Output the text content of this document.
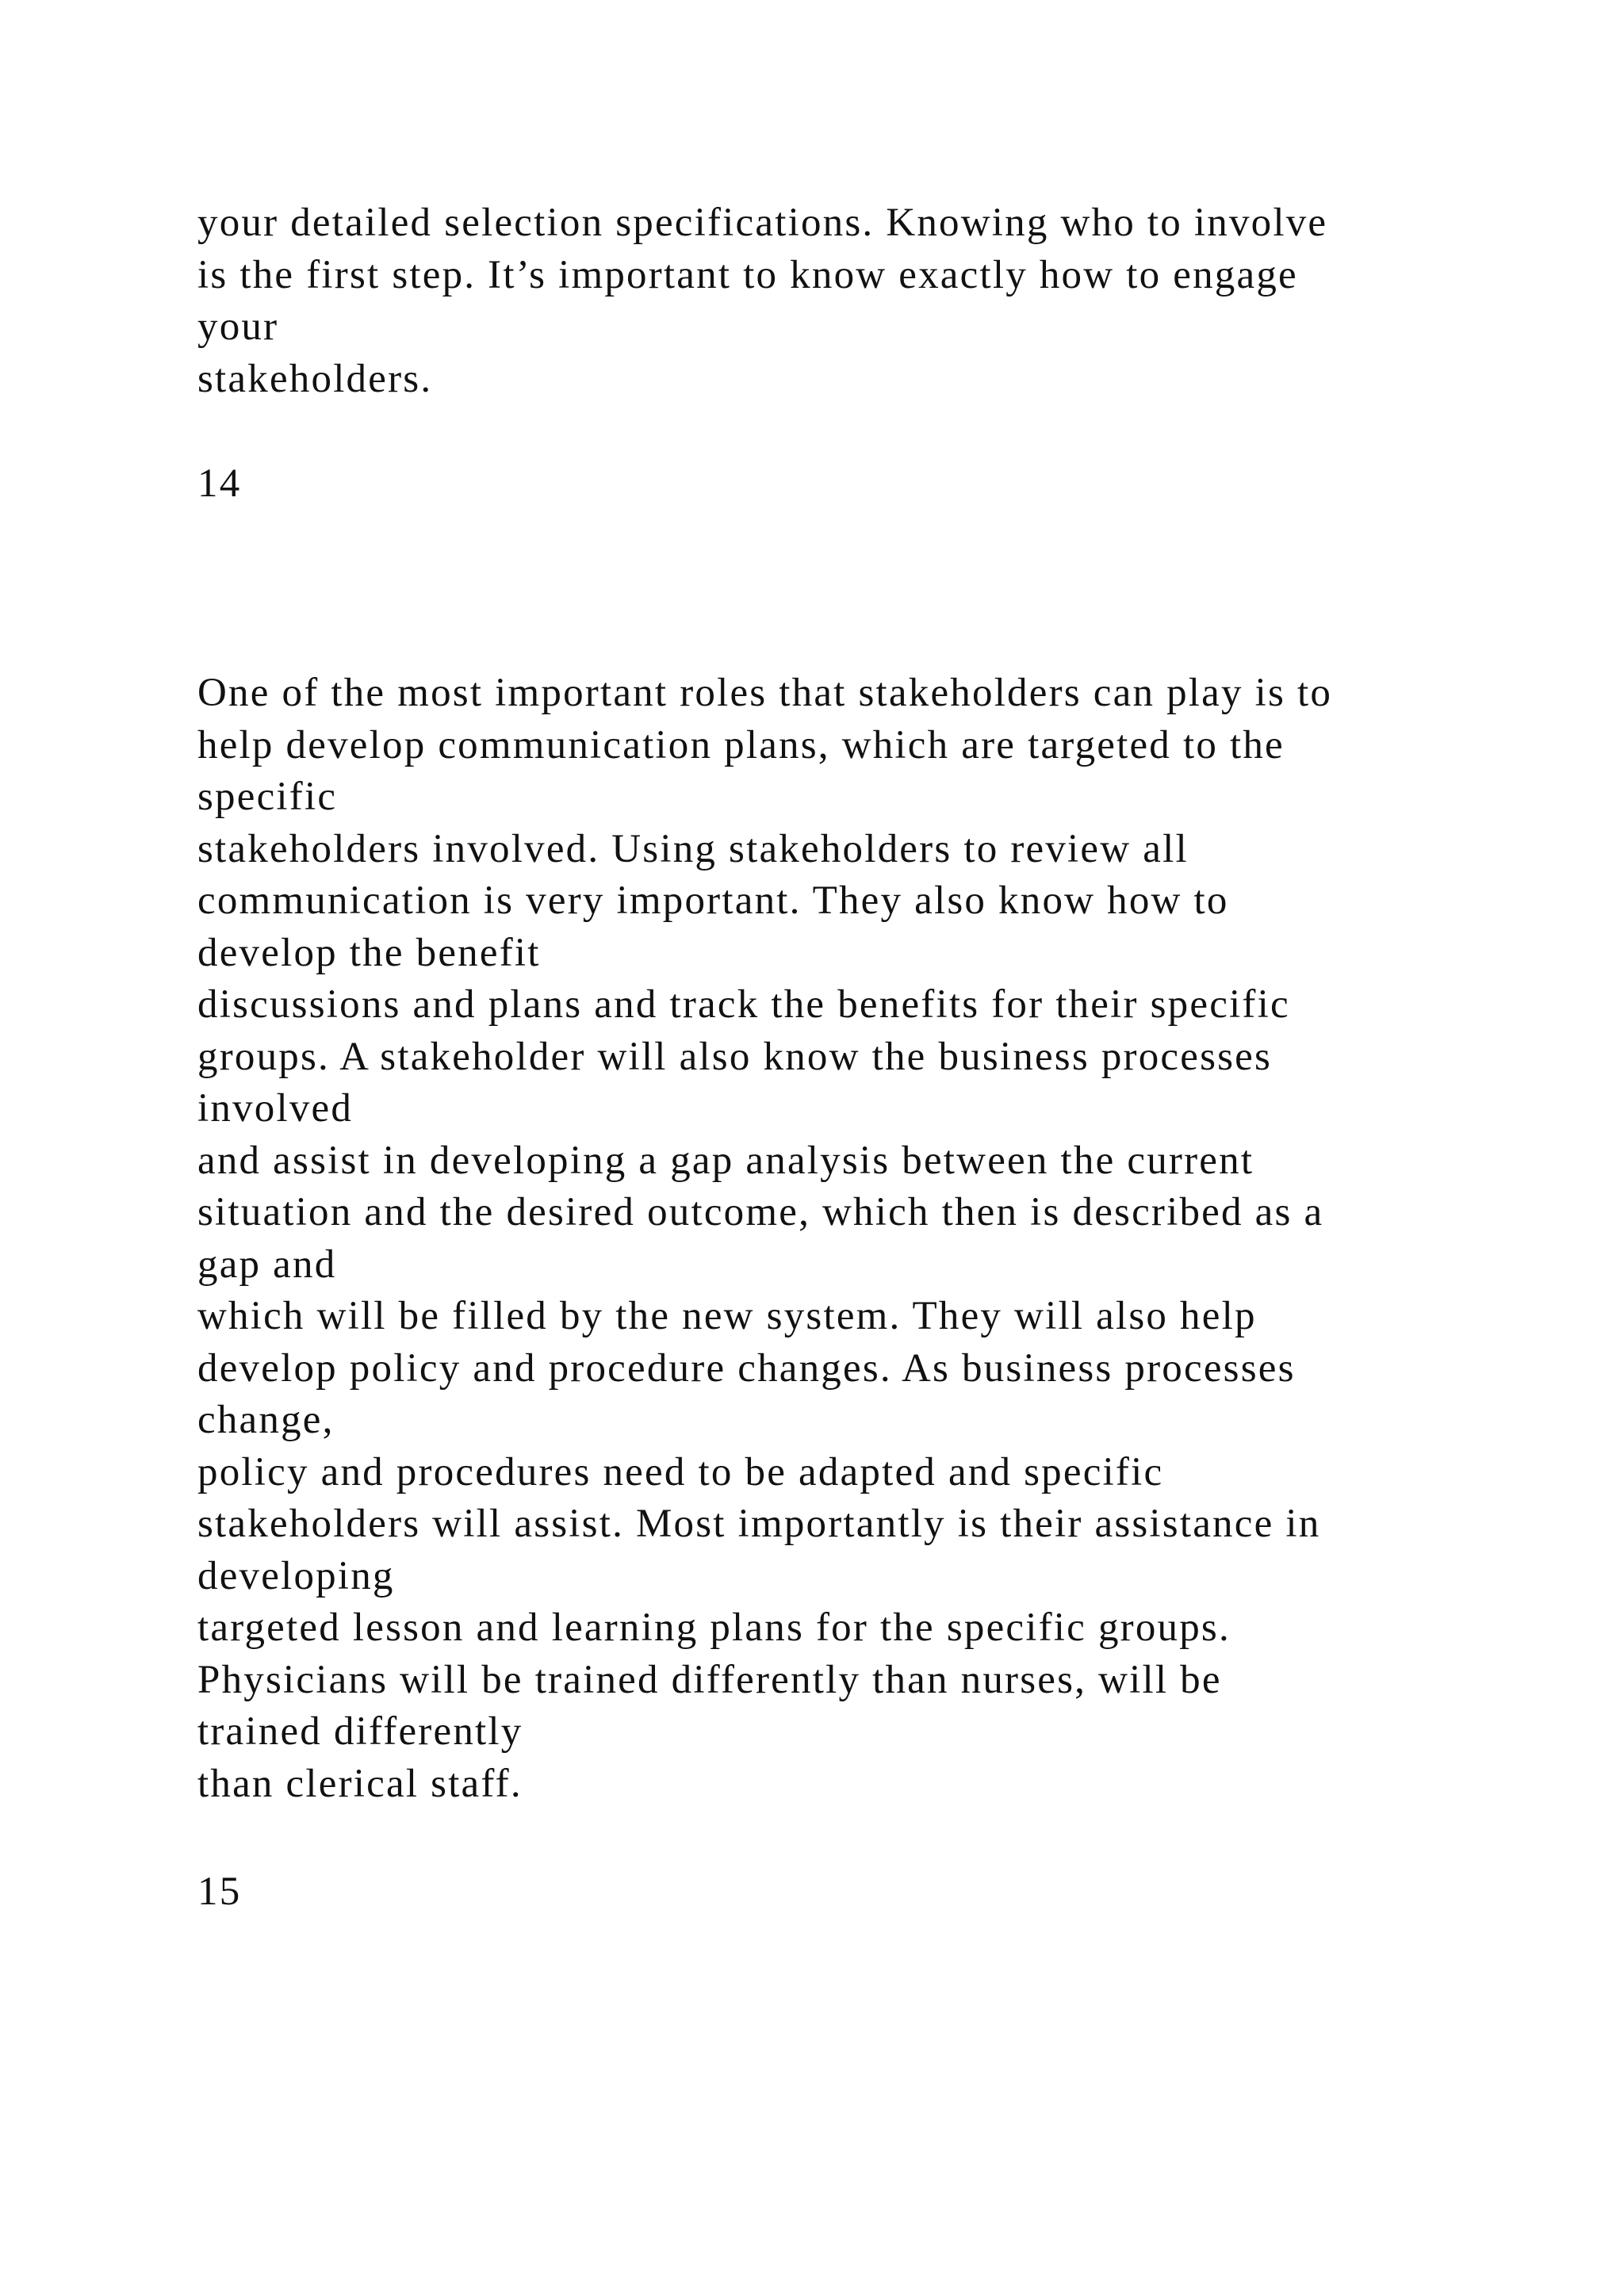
your detailed selection specifications. Knowing who to involve
is the first step. It’s important to know exactly how to engage
your
stakeholders.
14
One of the most important roles that stakeholders can play is to
help develop communication plans, which are targeted to the
specific
stakeholders involved. Using stakeholders to review all
communication is very important. They also know how to
develop the benefit
discussions and plans and track the benefits for their specific
groups. A stakeholder will also know the business processes
involved
and assist in developing a gap analysis between the current
situation and the desired outcome, which then is described as a
gap and
which will be filled by the new system. They will also help
develop policy and procedure changes. As business processes
change,
policy and procedures need to be adapted and specific
stakeholders will assist. Most importantly is their assistance in
developing
targeted lesson and learning plans for the specific groups.
Physicians will be trained differently than nurses, will be
trained differently
than clerical staff.
15
